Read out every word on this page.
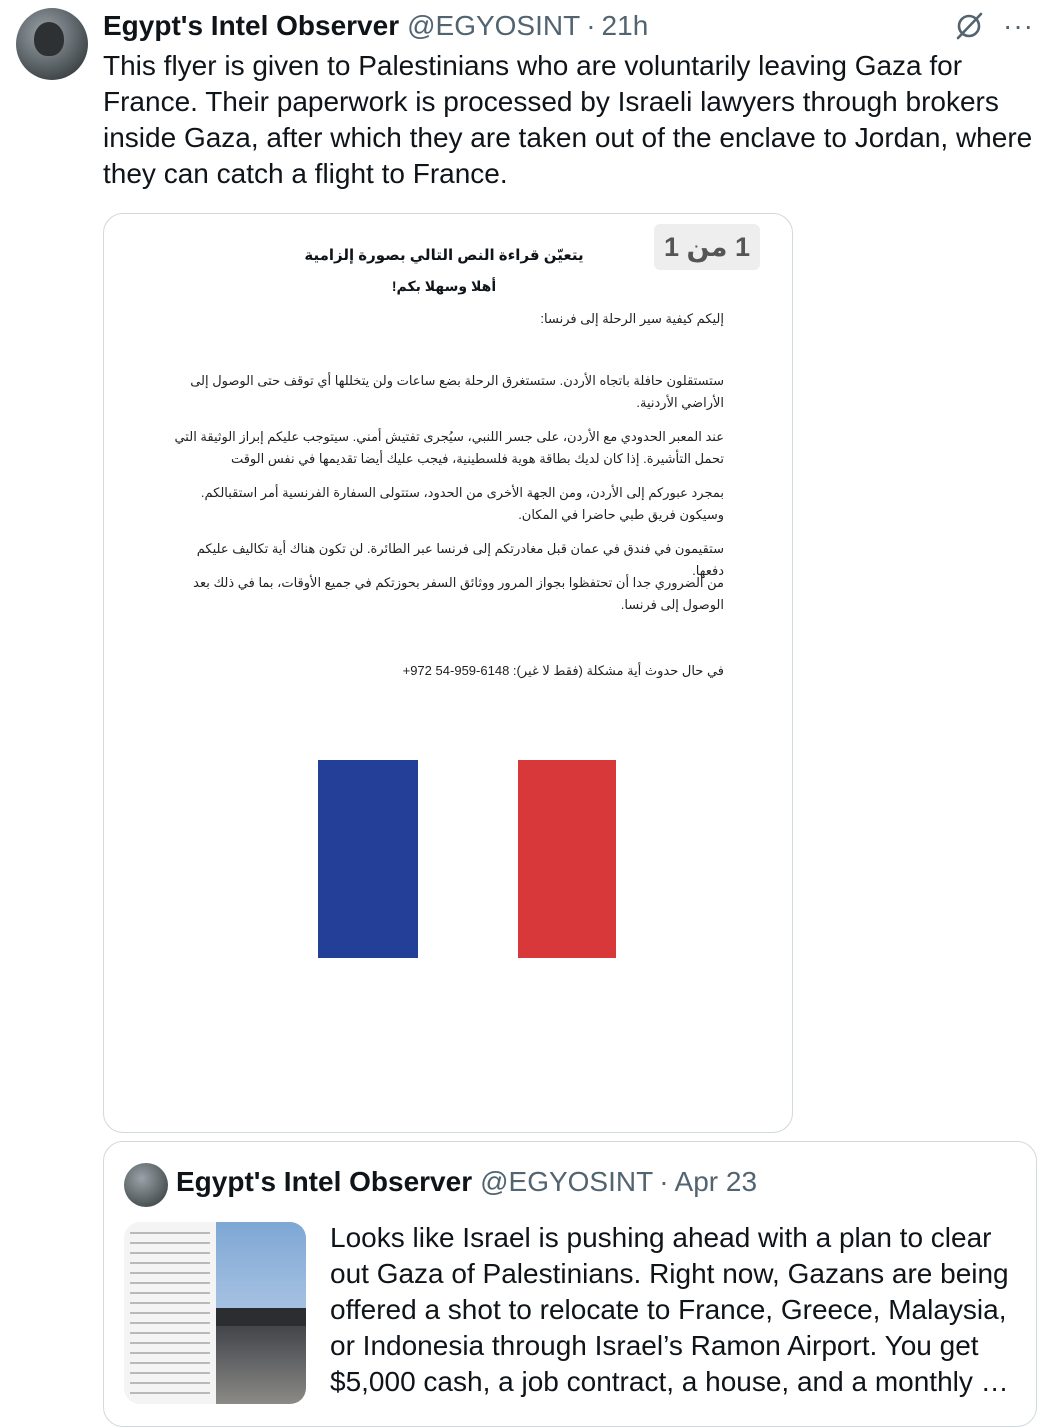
Egypt's Intel Observer @EGYOSINT · 21h	···

This flyer is given to Palestinians who are voluntarily leaving Gaza for France. Their paperwork is processed by Israeli lawyers through brokers inside Gaza, after which they are taken out of the enclave to Jordan, where they can catch a flight to France.

1 من 1
يتعيّن قراءة النص التالي بصورة إلزامية
أهلا وسهلا بكم!
إليكم كيفية سير الرحلة إلى فرنسا:
ستستقلون حافلة باتجاه الأردن. ستستغرق الرحلة بضع ساعات ولن يتخللها أي توقف حتى الوصول إلى الأراضي الأردنية.
عند المعبر الحدودي مع الأردن، على جسر اللنبي، سيُجرى تفتيش أمني. سيتوجب عليكم إبراز الوثيقة التي تحمل التأشيرة. إذا كان لديك بطاقة هوية فلسطينية، فيجب عليك أيضا تقديمها في نفس الوقت
بمجرد عبوركم إلى الأردن، ومن الجهة الأخرى من الحدود، ستتولى السفارة الفرنسية أمر استقبالكم. وسيكون فريق طبي حاضرا في المكان.
ستقيمون في فندق في عمان قبل مغادرتكم إلى فرنسا عبر الطائرة. لن تكون هناك أية تكاليف عليكم دفعها.
من الضروري جدا أن تحتفظوا بجواز المرور ووثائق السفر بحوزتكم في جميع الأوقات، بما في ذلك بعد الوصول إلى فرنسا.
في حال حدوث أية مشكلة (فقط لا غير): 6148-959-54 972+
Egypt's Intel Observer @EGYOSINT · Apr 23

Looks like Israel is pushing ahead with a plan to clear out Gaza of Palestinians. Right now, Gazans are being offered a shot to relocate to France, Greece, Malaysia, or Indonesia through Israel’s Ramon Airport. You get $5,000 cash, a job contract, a house, and a monthly …
